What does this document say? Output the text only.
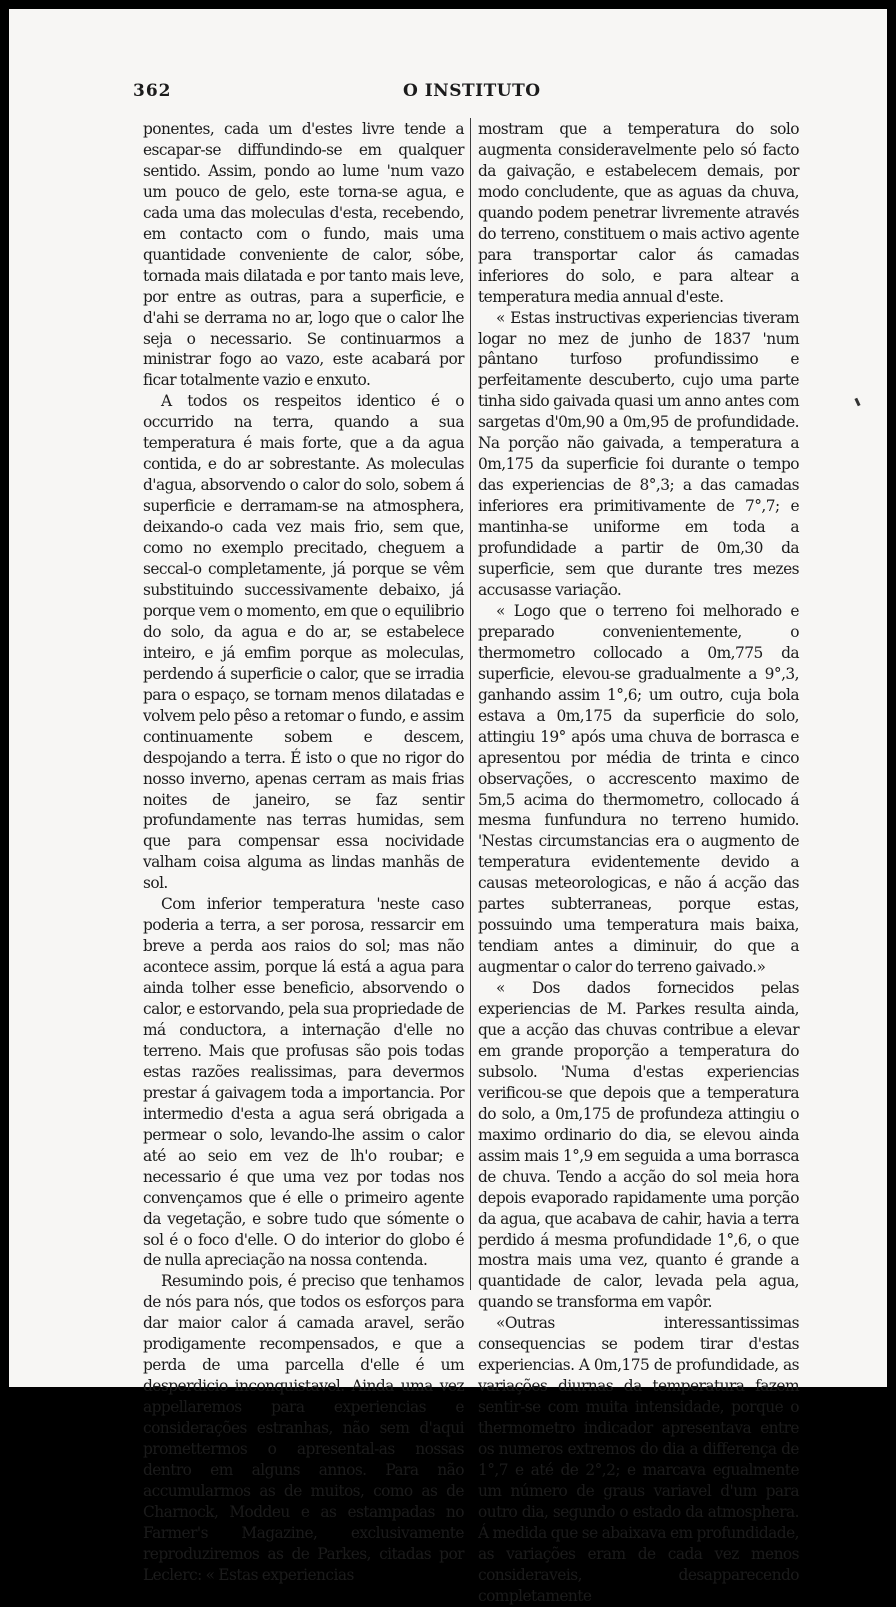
362	O INSTITUTO

ponentes, cada um d'estes livre tende a escapar-se diffundindo-se em qualquer sentido. Assim, pondo ao lume 'num vazo um pouco de gelo, este torna-se agua, e cada uma das moleculas d'esta, recebendo, em contacto com o fundo, mais uma quantidade conveniente de calor, sóbe, tornada mais dilatada e por tanto mais leve, por entre as outras, para a superficie, e d'ahi se derrama no ar, logo que o calor lhe seja o necessario. Se continuarmos a ministrar fogo ao vazo, este acabará por ficar totalmente vazio e enxuto.

A todos os respeitos identico é o occurrido na terra, quando a sua temperatura é mais forte, que a da agua contida, e do ar sobrestante. As moleculas d'agua, absorvendo o calor do solo, sobem á superficie e derramam-se na atmosphera, deixando-o cada vez mais frio, sem que, como no exemplo precitado, cheguem a seccal-o completamente, já porque se vêm substituindo successivamente debaixo, já porque vem o momento, em que o equilibrio do solo, da agua e do ar, se estabelece inteiro, e já emfim porque as moleculas, perdendo á superficie o calor, que se irradia para o espaço, se tornam menos dilatadas e volvem pelo pêso a retomar o fundo, e assim continuamente sobem e descem, despojando a terra. É isto o que no rigor do nosso inverno, apenas cerram as mais frias noites de janeiro, se faz sentir profundamente nas terras humidas, sem que para compensar essa nocividade valham coisa alguma as lindas manhãs de sol.

Com inferior temperatura 'neste caso poderia a terra, a ser porosa, ressarcir em breve a perda aos raios do sol; mas não acontece assim, porque lá está a agua para ainda tolher esse beneficio, absorvendo o calor, e estorvando, pela sua propriedade de má conductora, a internação d'elle no terreno. Mais que profusas são pois todas estas razões realissimas, para devermos prestar á gaivagem toda a importancia. Por intermedio d'esta a agua será obrigada a permear o solo, levando-lhe assim o calor até ao seio em vez de lh'o roubar; e necessario é que uma vez por todas nos convençamos que é elle o primeiro agente da vegetação, e sobre tudo que sómente o sol é o foco d'elle. O do interior do globo é de nulla apreciação na nossa contenda.

Resumindo pois, é preciso que tenhamos de nós para nós, que todos os esforços para dar maior calor á camada aravel, serão prodigamente recompensados, e que a perda de uma parcella d'elle é um desperdicio inconquistavel. Ainda uma vez appellaremos para experiencias e considerações estranhas, não sem d'aqui promettermos o apresental-as nossas dentro em alguns annos. Para não accumularmos as de muitos, como as de Charnock, Moddeu e as estampadas no Farmer's Magazine, exclusivamente reproduziremos as de Parkes, citadas por Leclerc: « Estas experiencias

mostram que a temperatura do solo augmenta consideravelmente pelo só facto da gaivação, e estabelecem demais, por modo concludente, que as aguas da chuva, quando podem penetrar livremente através do terreno, constituem o mais activo agente para transportar calor ás camadas inferiores do solo, e para altear a temperatura media annual d'este.

« Estas instructivas experiencias tiveram logar no mez de junho de 1837 'num pântano turfoso profundissimo e perfeitamente descuberto, cujo uma parte tinha sido gaivada quasi um anno antes com sargetas d'0m,90 a 0m,95 de profundidade. Na porção não gaivada, a temperatura a 0m,175 da superficie foi durante o tempo das experiencias de 8°,3; a das camadas inferiores era primitivamente de 7°,7; e mantinha-se uniforme em toda a profundidade a partir de 0m,30 da superficie, sem que durante tres mezes accusasse variação.

« Logo que o terreno foi melhorado e preparado convenientemente, o thermometro collocado a 0m,775 da superficie, elevou-se gradualmente a 9°,3, ganhando assim 1°,6; um outro, cuja bola estava a 0m,175 da superficie do solo, attingiu 19° após uma chuva de borrasca e apresentou por média de trinta e cinco observações, o accrescento maximo de 5m,5 acima do thermometro, collocado á mesma funfundura no terreno humido. 'Nestas circumstancias era o augmento de temperatura evidentemente devido a causas meteorologicas, e não á acção das partes subterraneas, porque estas, possuindo uma temperatura mais baixa, tendiam antes a diminuir, do que a augmentar o calor do terreno gaivado.»

« Dos dados fornecidos pelas experiencias de M. Parkes resulta ainda, que a acção das chuvas contribue a elevar em grande proporção a temperatura do subsolo. 'Numa d'estas experiencias verificou-se que depois que a temperatura do solo, a 0m,175 de profundeza attingiu o maximo ordinario do dia, se elevou ainda assim mais 1°,9 em seguida a uma borrasca de chuva. Tendo a acção do sol meia hora depois evaporado rapidamente uma porção da agua, que acabava de cahir, havia a terra perdido á mesma profundidade 1°,6, o que mostra mais uma vez, quanto é grande a quantidade de calor, levada pela agua, quando se transforma em vapôr.

«Outras interessantissimas consequencias se podem tirar d'estas experiencias. A 0m,175 de profundidade, as variações diurnas da temperatura fazem sentir-se com muita intensidade, porque o thermometro indicador apresentava entre os numeros extremos do dia a differença de 1°,7 e até de 2°,2; e marcava egualmente um número de graus variavel d'um para outro dia, segundo o estado da atmosphera. Á medida que se abaixava em profundidade, as variações eram de cada vez menos consideraveis, desapparecendo completamente
